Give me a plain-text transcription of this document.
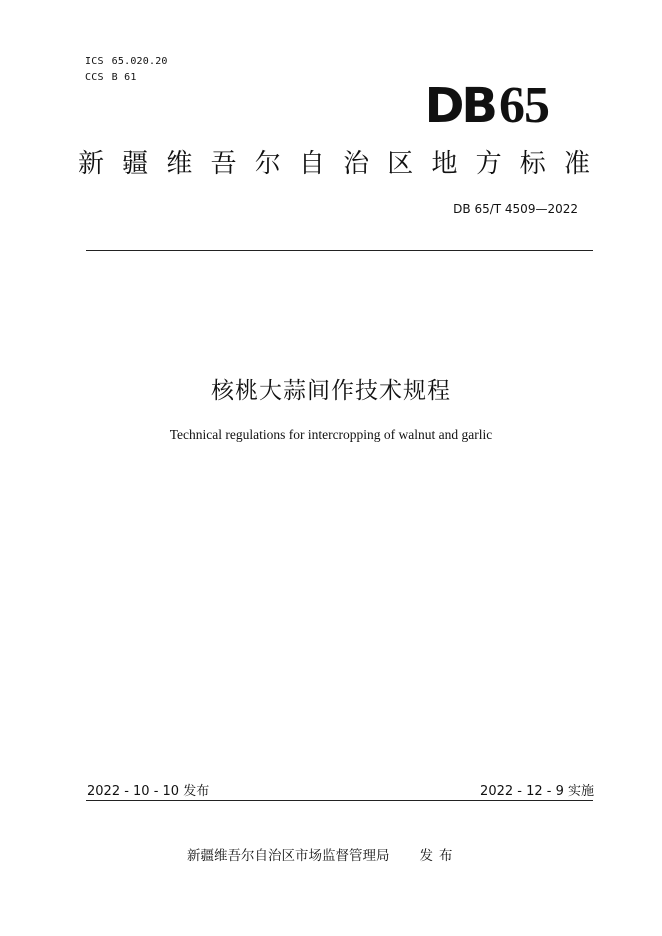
ICS 65.020.20
CCS B 61
DB65
新疆维吾尔自治区地方标准
DB 65/T 4509—2022
核桃大蒜间作技术规程
Technical regulations for intercropping of walnut and garlic
2022 - 10 - 10 发布	2022 - 12 - 9 实施
新疆维吾尔自治区市场监督管理局 发布
